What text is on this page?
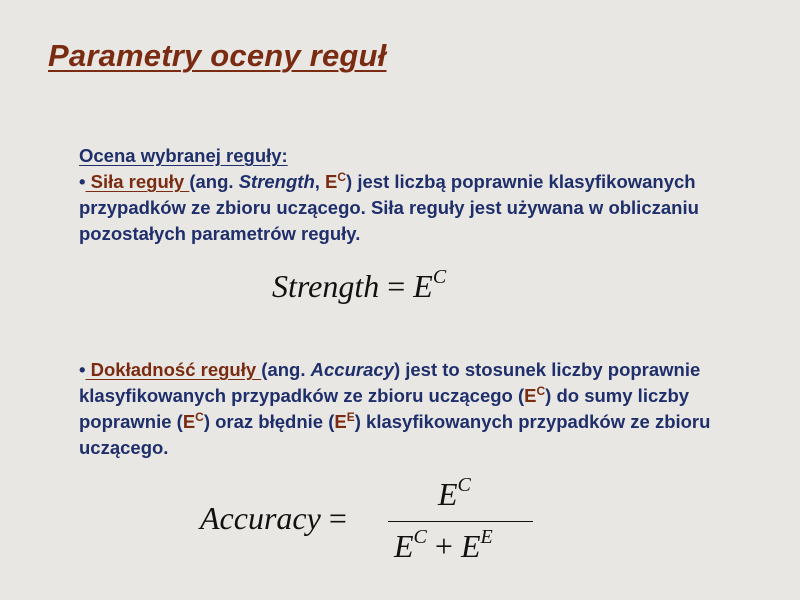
Parametry oceny reguł

Ocena wybranej reguły:

• Siła reguły (ang. Strength, $E^C$) jest liczbą poprawnie klasyfikowanych przypadków ze zbioru uczącego. Siła reguły jest używana w obliczaniu pozostałych parametrów reguły.

• Dokładność reguły (ang. Accuracy) jest to stosunek liczby poprawnie klasyfikowanych przypadków ze zbioru uczącego $(E^C)$ do sumy liczby poprawnie $(E^C)$ oraz błędnie $(E^E)$ klasyfikowanych przypadków ze zbioru uczącego.

Strength = $E^C$
Accuracy =
$E^C$
$E^C + E^E$
